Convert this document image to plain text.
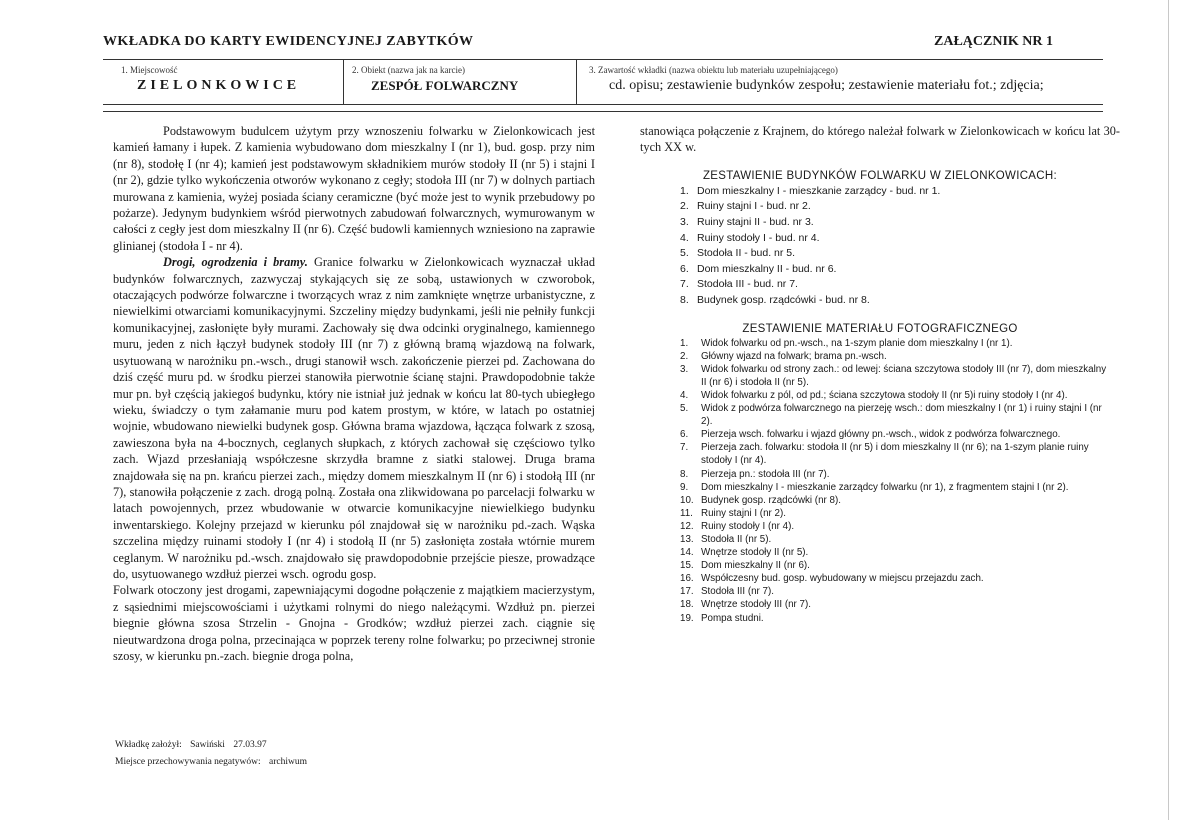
WKŁADKA DO KARTY EWIDENCYJNEJ ZABYTKÓW	ZAŁĄCZNIK NR 1
1. Miejscowość
ZIELONKOWICE
2. Obiekt (nazwa jak na karcie)
ZESPÓŁ FOLWARCZNY
3. Zawartość wkładki (nazwa obiektu lub materiału uzupełniającego)
cd. opisu; zestawienie budynków zespołu; zestawienie materiału fot.; zdjęcia;

Podstawowym budulcem użytym przy wznoszeniu folwarku w Zielonkowicach jest kamień łamany i łupek. Z kamienia wybudowano dom mieszkalny I (nr 1), bud. gosp. przy nim (nr 8), stodołę I (nr 4); kamień jest podstawowym składnikiem murów stodoły II (nr 5) i stajni I (nr 2), gdzie tylko wykończenia otworów wykonano z cegły; stodoła III (nr 7) w dolnych partiach murowana z kamienia, wyżej posiada ściany ceramiczne (być może jest to wynik przebudowy po pożarze). Jedynym budynkiem wśród pierwotnych zabudowań folwarcznych, wymurowanym w całości z cegły jest dom mieszkalny II (nr 6). Część budowli kamiennych wzniesiono na zaprawie glinianej (stodoła I - nr 4).

Drogi, ogrodzenia i bramy. Granice folwarku w Zielonkowicach wyznaczał układ budynków folwarcznych, zazwyczaj stykających się ze sobą, ustawionych w czworobok, otaczających podwórze folwarczne i tworzących wraz z nim zamknięte wnętrze urbanistyczne, z niewielkimi otwarciami komunikacyjnymi. Szczeliny między budynkami, jeśli nie pełniły funkcji komunikacyjnej, zasłonięte były murami. Zachowały się dwa odcinki oryginalnego, kamiennego muru, jeden z nich łączył budynek stodoły III (nr 7) z główną bramą wjazdową na folwark, usytuowaną w narożniku pn.-wsch., drugi stanowił wsch. zakończenie pierzei pd. Zachowana do dziś część muru pd. w środku pierzei stanowiła pierwotnie ścianę stajni. Prawdopodobnie także mur pn. był częścią jakiegoś budynku, który nie istniał już jednak w końcu lat 80-tych ubiegłego wieku, świadczy o tym załamanie muru pod katem prostym, w które, w latach po ostatniej wojnie, wbudowano niewielki budynek gosp. Główna brama wjazdowa, łącząca folwark z szosą, zawieszona była na 4-bocznych, ceglanych słupkach, z których zachował się częściowo tylko zach. Wjazd przesłaniają współczesne skrzydła bramne z siatki stalowej. Druga brama znajdowała się na pn. krańcu pierzei zach., między domem mieszkalnym II (nr 6) i stodołą III (nr 7), stanowiła połączenie z zach. drogą polną. Została ona zlikwidowana po parcelacji folwarku w latach powojennych, przez wbudowanie w otwarcie komunikacyjne niewielkiego budynku inwentarskiego. Kolejny przejazd w kierunku pól znajdował się w narożniku pd.-zach. Wąska szczelina między ruinami stodoły I (nr 4) i stodołą II (nr 5) zasłonięta została wtórnie murem ceglanym. W narożniku pd.-wsch. znajdowało się prawdopodobnie przejście piesze, prowadzące do, usytuowanego wzdłuż pierzei wsch. ogrodu gosp.

Folwark otoczony jest drogami, zapewniającymi dogodne połączenie z majątkiem macierzystym, z sąsiednimi miejscowościami i użytkami rolnymi do niego należącymi. Wzdłuż pn. pierzei biegnie główna szosa Strzelin - Gnojna - Grodków; wzdłuż pierzei zach. ciągnie się nieutwardzona droga polna, przecinająca w poprzek tereny rolne folwarku; po przeciwnej stronie szosy, w kierunku pn.-zach. biegnie droga polna,

stanowiąca połączenie z Krajnem, do którego należał folwark w Zielonkowicach w końcu lat 30-tych XX w.

ZESTAWIENIE BUDYNKÓW FOLWARKU W ZIELONKOWICACH:

1. Dom mieszkalny I - mieszkanie zarządcy - bud. nr 1.
2. Ruiny stajni I - bud. nr 2.
3. Ruiny stajni II - bud. nr 3.
4. Ruiny stodoły I - bud. nr 4.
5. Stodoła II - bud. nr 5.
6. Dom mieszkalny II - bud. nr 6.
7. Stodoła III - bud. nr 7.
8. Budynek gosp. rządcówki - bud. nr 8.

ZESTAWIENIE MATERIAŁU FOTOGRAFICZNEGO

1.	Widok folwarku od pn.-wsch., na 1-szym planie dom mieszkalny I (nr 1).
2.	Główny wjazd na folwark; brama pn.-wsch.
3.	Widok folwarku od strony zach.: od lewej: ściana szczytowa stodoły III (nr 7), dom mieszkalny II (nr 6) i stodoła II (nr 5).
4.	Widok folwarku z pól, od pd.; ściana szczytowa stodoły II (nr 5)i ruiny stodoły I (nr 4).
5.	Widok z podwórza folwarcznego na pierzeję wsch.: dom mieszkalny I (nr 1) i ruiny stajni I (nr 2).
6.	Pierzeja wsch. folwarku i wjazd główny pn.-wsch., widok z podwórza folwarcznego.
7.	Pierzeja zach. folwarku: stodoła II (nr 5) i dom mieszkalny II (nr 6); na 1-szym planie ruiny stodoły I (nr 4).
8.	Pierzeja pn.: stodoła III (nr 7).
9.	Dom mieszkalny I - mieszkanie zarządcy folwarku (nr 1), z fragmentem stajni I (nr 2).
10. Budynek gosp. rządcówki (nr 8).
11. Ruiny stajni I (nr 2).
12. Ruiny stodoły I (nr 4).
13. Stodoła II (nr 5).
14. Wnętrze stodoły II (nr 5).
15. Dom mieszkalny II (nr 6).
16. Współczesny bud. gosp. wybudowany w miejscu przejazdu zach.
17. Stodoła III (nr 7).
18. Wnętrze stodoły III (nr 7).
19. Pompa studni.
Wkładkę założył: Sawiński 27.03.97
Miejsce przechowywania negatywów: archiwum
